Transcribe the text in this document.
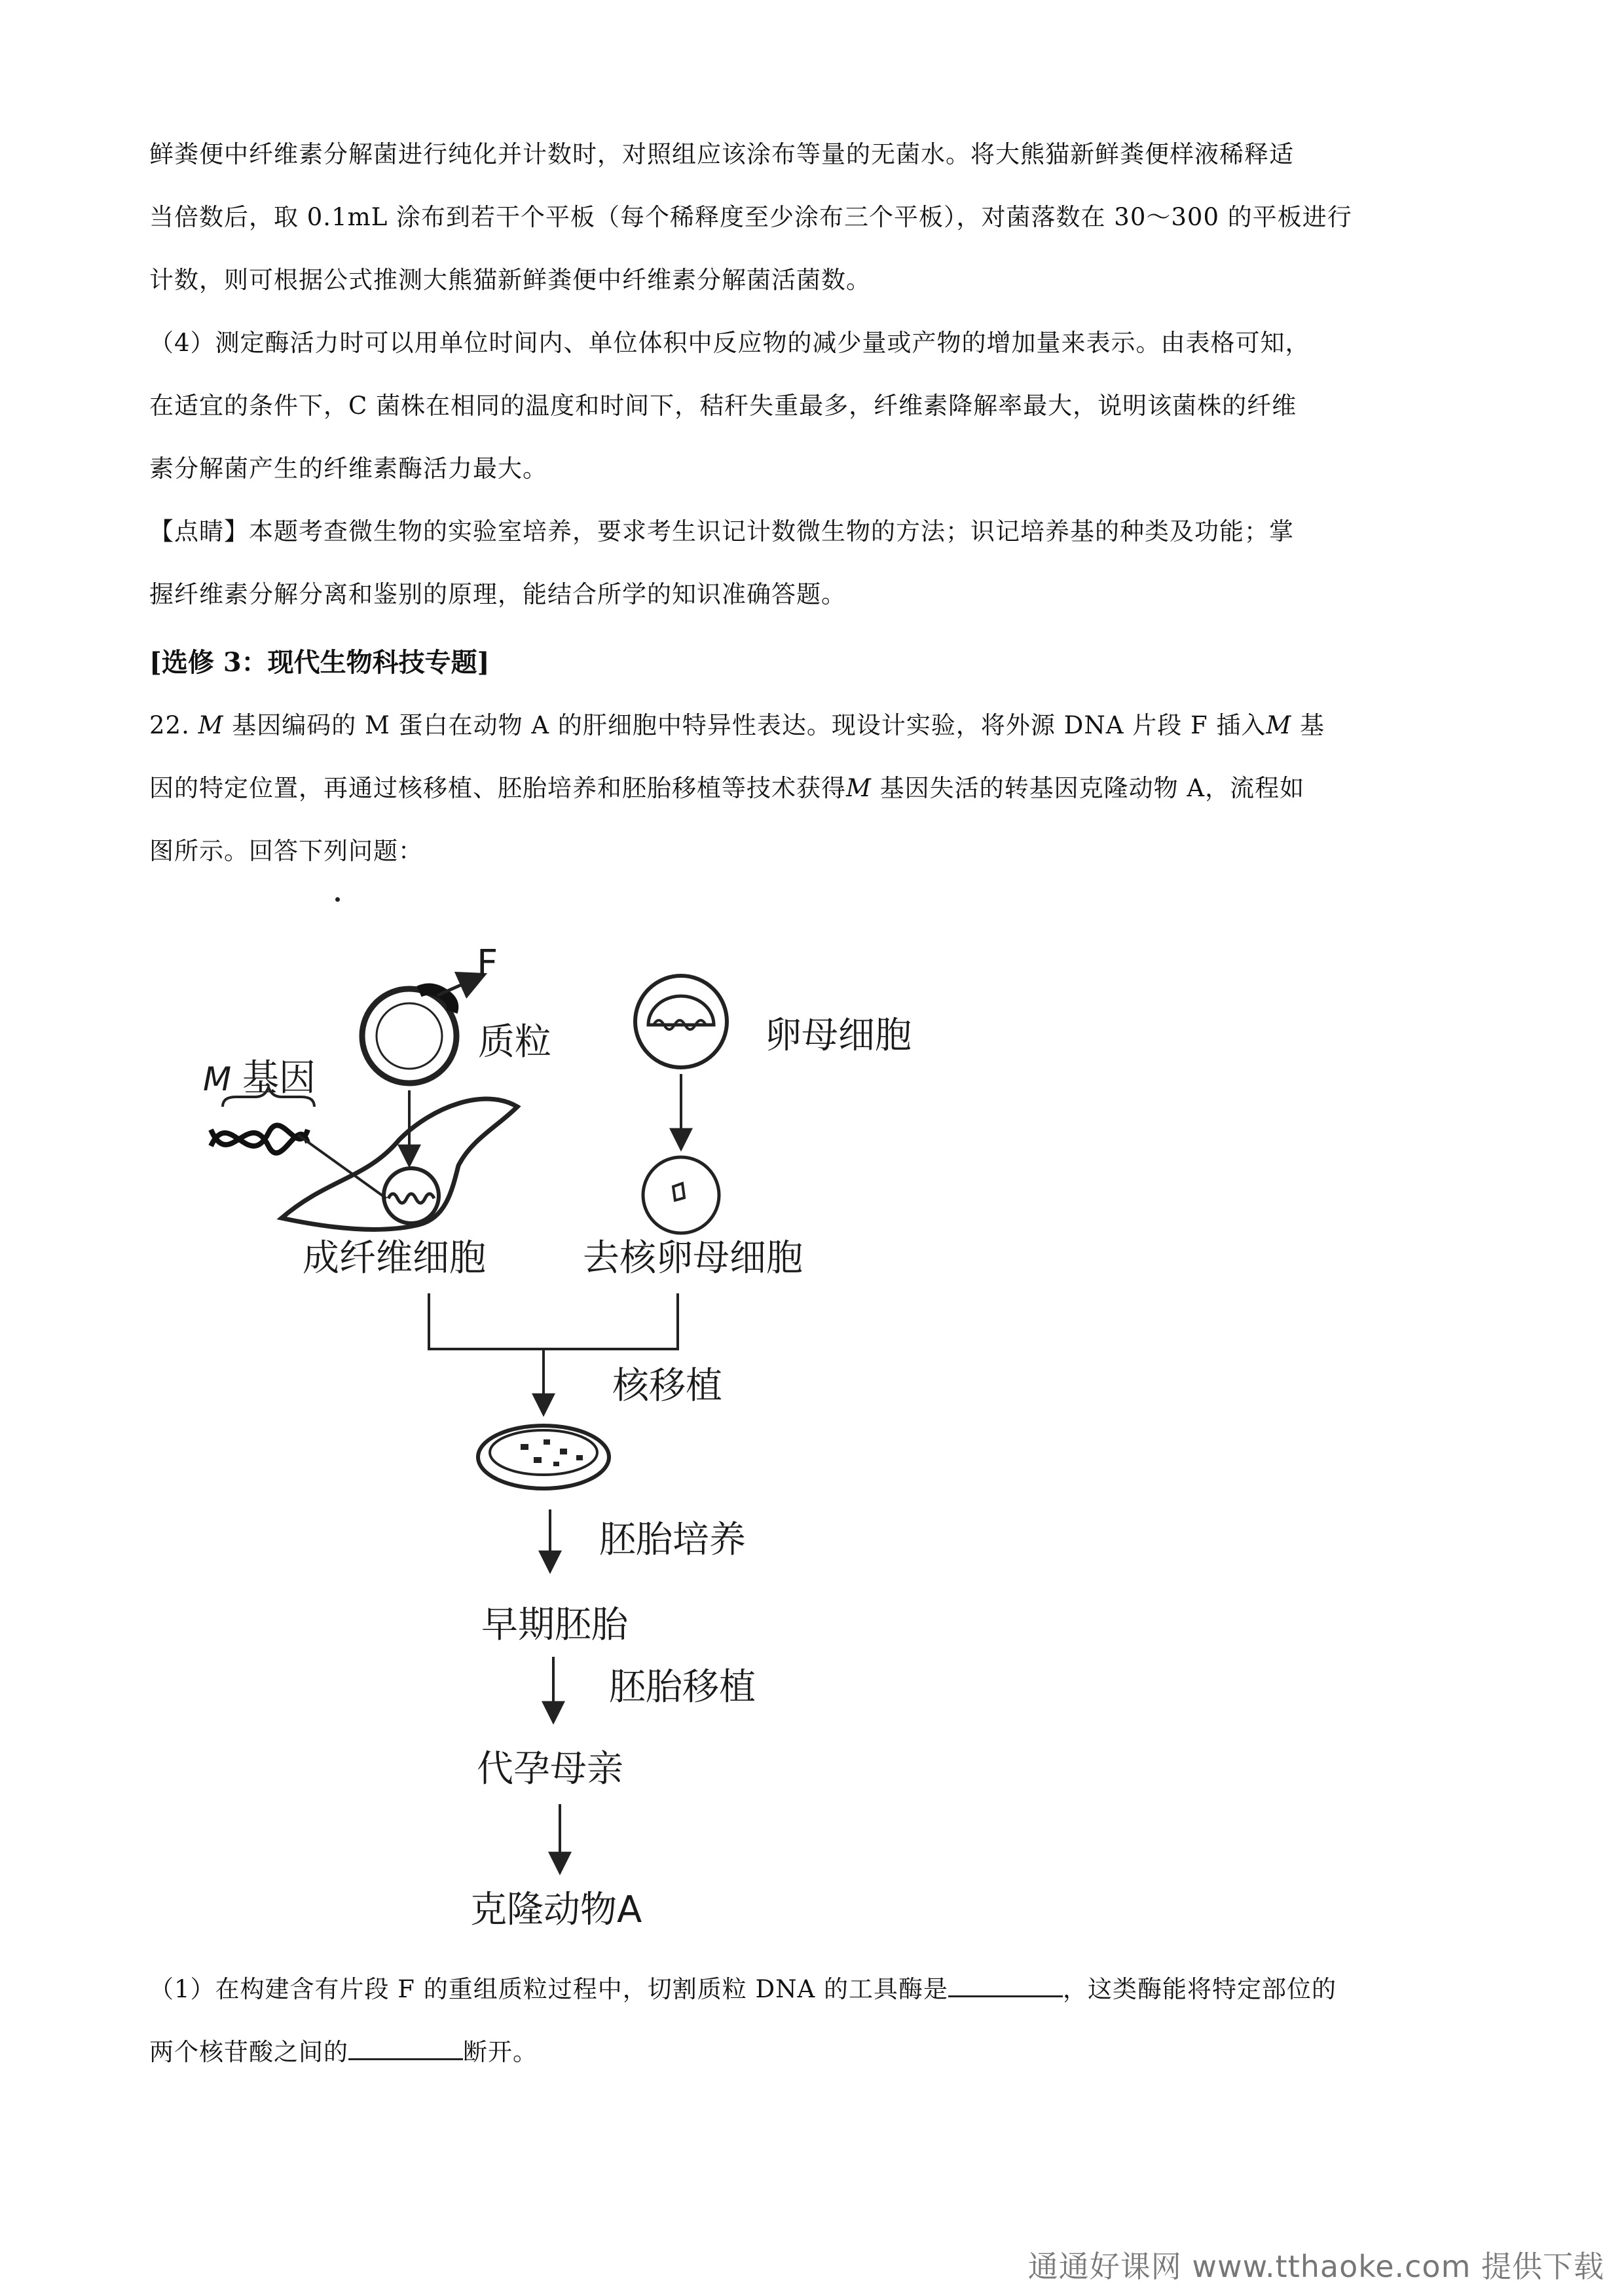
鲜粪便中纤维素分解菌进行纯化并计数时，对照组应该涂布等量的无菌水。将大熊猫新鲜粪便样液稀释适

当倍数后，取 0.1mL 涂布到若干个平板（每个稀释度至少涂布三个平板），对菌落数在 30～300 的平板进行

计数，则可根据公式推测大熊猫新鲜粪便中纤维素分解菌活菌数。

（4）测定酶活力时可以用单位时间内、单位体积中反应物的减少量或产物的增加量来表示。由表格可知，

在适宜的条件下，C 菌株在相同的温度和时间下，秸秆失重最多，纤维素降解率最大，说明该菌株的纤维

素分解菌产生的纤维素酶活力最大。

【点睛】本题考查微生物的实验室培养，要求考生识记计数微生物的方法；识记培养基的种类及功能；掌

握纤维素分解分离和鉴别的原理，能结合所学的知识准确答题。

[选修 3：现代生物科技专题]

22. M 基因编码的 M 蛋白在动物 A 的肝细胞中特异性表达。现设计实验，将外源 DNA 片段 F 插入M 基

因的特定位置，再通过核移植、胚胎培养和胚胎移植等技术获得M 基因失活的转基因克隆动物 A，流程如

图所示。回答下列问题：

F
质粒	卵母细胞
M 基因
成纤维细胞	去核卵母细胞
核移植
胚胎培养
早期胚胎
胚胎移植
代孕母亲
克隆动物A

（1）在构建含有片段 F 的重组质粒过程中，切割质粒 DNA 的工具酶是	，这类酶能将特定部位的

两个核苷酸之间的	断开。

通通好课网 www.tthaoke.com 提供下载
